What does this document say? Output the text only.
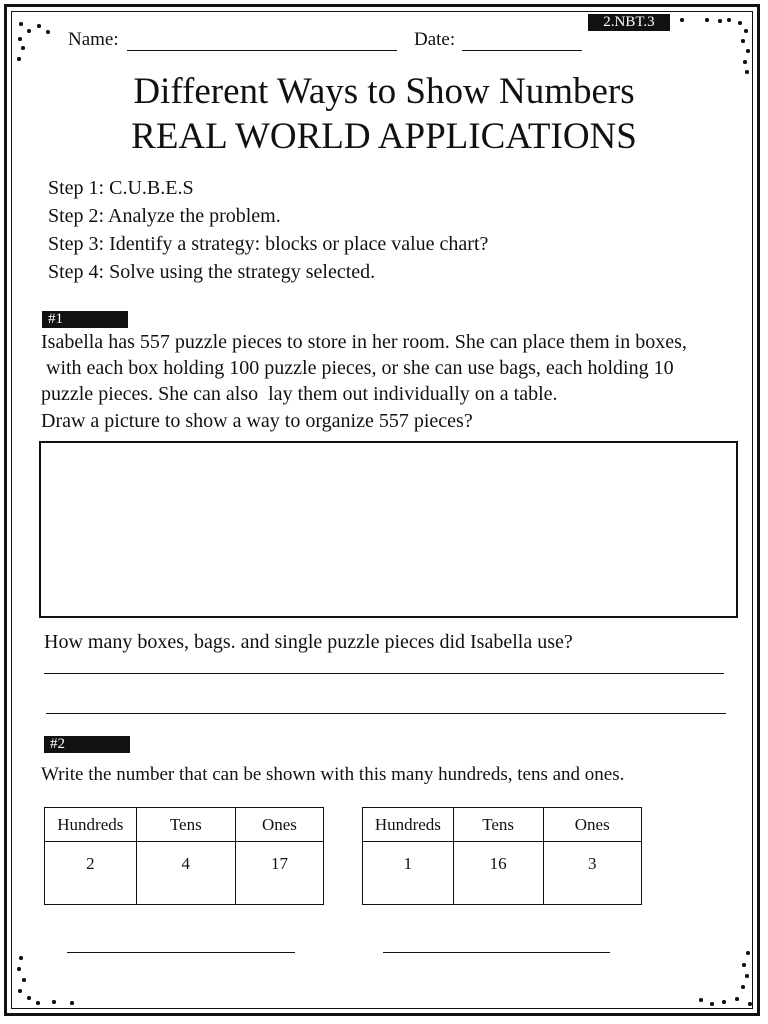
2.NBT.3
Name:	Date:
Different Ways to Show Numbers
REAL WORLD APPLICATIONS
Step 1: C.U.B.E.S
Step 2: Analyze the problem.
Step 3: Identify a strategy: blocks or place value chart?
Step 4: Solve using the strategy selected.
#1
Isabella has 557 puzzle pieces to store in her room. She can place them in boxes,
with each box holding 100 puzzle pieces, or she can use bags, each holding 10
puzzle pieces. She can also  lay them out individually on a table.
Draw a picture to show a way to organize 557 pieces?
How many boxes, bags. and single puzzle pieces did Isabella use?
#2
Write the number that can be shown with this many hundreds, tens and ones.
Hundreds	Tens	Ones
2	4	17
Hundreds	Tens	Ones
1	16	3
